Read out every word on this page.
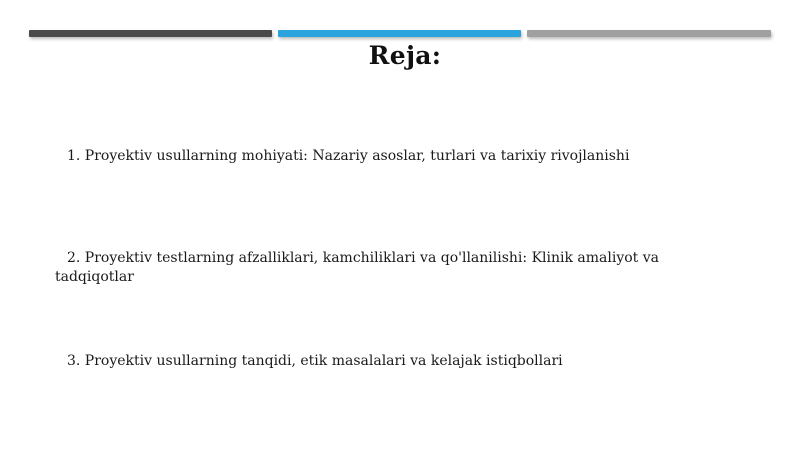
Reja:
1. Proyektiv usullarning mohiyati: Nazariy asoslar, turlari va tarixiy rivojlanishi
2. Proyektiv testlarning afzalliklari, kamchiliklari va qo'llanilishi: Klinik amaliyot va
tadqiqotlar
3. Proyektiv usullarning tanqidi, etik masalalari va kelajak istiqbollari
